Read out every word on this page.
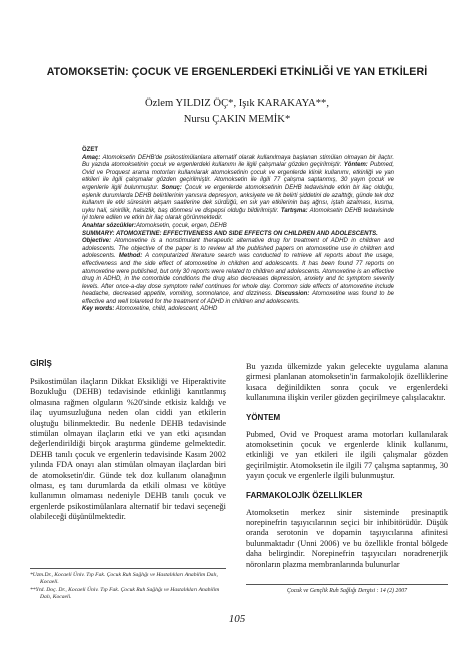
ATOMOKSETİN: ÇOCUK VE ERGENLERDEKİ ETKİNLİĞİ VE YAN ETKİLERİ
Özlem YILDIZ ÖÇ*, Işık KARAKAYA**,
Nursu ÇAKIN MEMİK*

ÖZET

Amaç: Atomoksetin DEHB'de psikostimülanlara alternatif olarak kullanılmaya başlanan stimülan olmayan bir ilaçtır. Bu yazıda atomoksetinin çocuk ve ergenlerdeki kullanımı ile ilgili çalışmalar gözden geçirilmiştir. Yöntem: Pubmed, Ovid ve Proquest arama motorları kullanılarak atomoksetinin çocuk ve ergenlerde klinik kullanımı, etkinliği ve yan etkileri ile ilgili çalışmalar gözden geçirilmiştir. Atomoksetin ile ilgili 77 çalışma saptanmış, 30 yayın çocuk ve ergenlerle ilgili bulunmuştur. Sonuç: Çocuk ve ergenlerde atomoksetinin DEHB tedavisinde etkin bir ilaç olduğu, eşlenik durumlarda DEHB belirtilerinin yanısıra depresyon, anksiyete ve tik belirti şiddetini de azalttığı, günde tek doz kullanım ile etki süresinin akşam saatlerine dek sürdüğü, en sık yan etkilerinin baş ağrısı, iştah azalması, kusma, uyku hali, sinirlilik, halsizlik, baş dönmesi ve dispepsi olduğu bildirilmiştir. Tartışma: Atomoksetin DEHB tedavisinde iyi tolere edilen ve etkin bir ilaç olarak görünmektedir.

Anahtar sözcükler:Atomoksetin, çocuk, ergen, DEHB

SUMMARY: ATOMOXETINE: EFFECTIVENESS AND SIDE EFFECTS ON CHILDREN AND ADOLESCENTS.

Objective: Atomoxetine is a nonstimulant therapeutic alternative drug for treatment of ADHD in children and adolescents. The objective of the paper is to review all the published papers on atomoxetine use in children and adolescents. Method: A computarized literature search was conducted to retrieve all reports about the usage, effectiveness and the side effect of atomoxetine in children and adolescents. It has been found 77 reports on atomoxetine were published, but only 30 reports were related to children and adolescents. Atomoxetine is an effective drug in ADHD, in the comorbide conditions the drug also decreases depression, anxiety and tic symptom severity levels. After once-a-day dose symptom relief continues for whole day. Common side effects of atomoxetine include headache, decreased appetite, vomiting, somnolance, and dizziness. Discussion: Atomoxetine was found to be effective and well tolareted for the treatment of ADHD in children and adolescents.

Key words: Atomoxetine, child, adolescent, ADHD

GİRİŞ

Psikostimülan ilaçların Dikkat Eksikliği ve Hiperaktivite Bozukluğu (DEHB) tedavisinde etkinliği kanıtlanmış olmasına rağmen olguların %20'sinde etkisiz kaldığı ve ilaç uyumsuzluğuna neden olan ciddi yan etkilerin oluştuğu bilinmektedir. Bu nedenle DEHB tedavisinde stimülan olmayan ilaçların etki ve yan etki açısından değerlendirildiği birçok araştırma gündeme gelmektedir. DEHB tanılı çocuk ve ergenlerin tedavisinde Kasım 2002 yılında FDA onayı alan stimülan olmayan ilaçlardan biri de atomoksetin'dir. Günde tek doz kullanım olanağının olması, eş tanı durumlarda da etkili olması ve kötüye kullanımın olmaması nedeniyle DEHB tanılı çocuk ve ergenlerde psikostimülanlara alternatif bir tedavi seçeneği olabileceği düşünülmektedir.

*Uzm.Dr., Kocaeli Üniv. Tıp Fak. Çocuk Ruh Sağlığı ve Hastalıkları Anabilim Dalı, Kocaeli.

**Yrd. Doç. Dr., Kocaeli Üniv. Tıp Fak. Çocuk Ruh Sağlığı ve Hastalıkları Anabilim Dalı, Kocaeli.

Bu yazıda ülkemizde yakın gelecekte uygulama alanına girmesi planlanan atomoksetin'in farmakolojik özelliklerine kısaca değinildikten sonra çocuk ve ergenlerdeki kullanımına ilişkin veriler gözden geçirilmeye çalışılacaktır.

YÖNTEM

Pubmed, Ovid ve Proquest arama motorları kullanılarak atomoksetinin çocuk ve ergenlerde klinik kullanımı, etkinliği ve yan etkileri ile ilgili çalışmalar gözden geçirilmiştir. Atomoksetin ile ilgili 77 çalışma saptanmış, 30 yayın çocuk ve ergenlerle ilgili bulunmuştur.

FARMAKOLOJİK ÖZELLİKLER

Atomoksetin merkez sinir sisteminde presinaptik norepinefrin taşıyıcılarının seçici bir inhibitörüdür. Düşük oranda serotonin ve dopamin taşıyıcılarına afinitesi bulunmaktadır (Unni 2006) ve bu özellikle frontal bölgede daha belirgindir. Norepinefrin taşıyıcıları noradrenerjik nöronların plazma membranlarında bulunurlar

Çocuk ve Gençlik Ruh Sağlığı Dergisi : 14 (2) 2007
105
